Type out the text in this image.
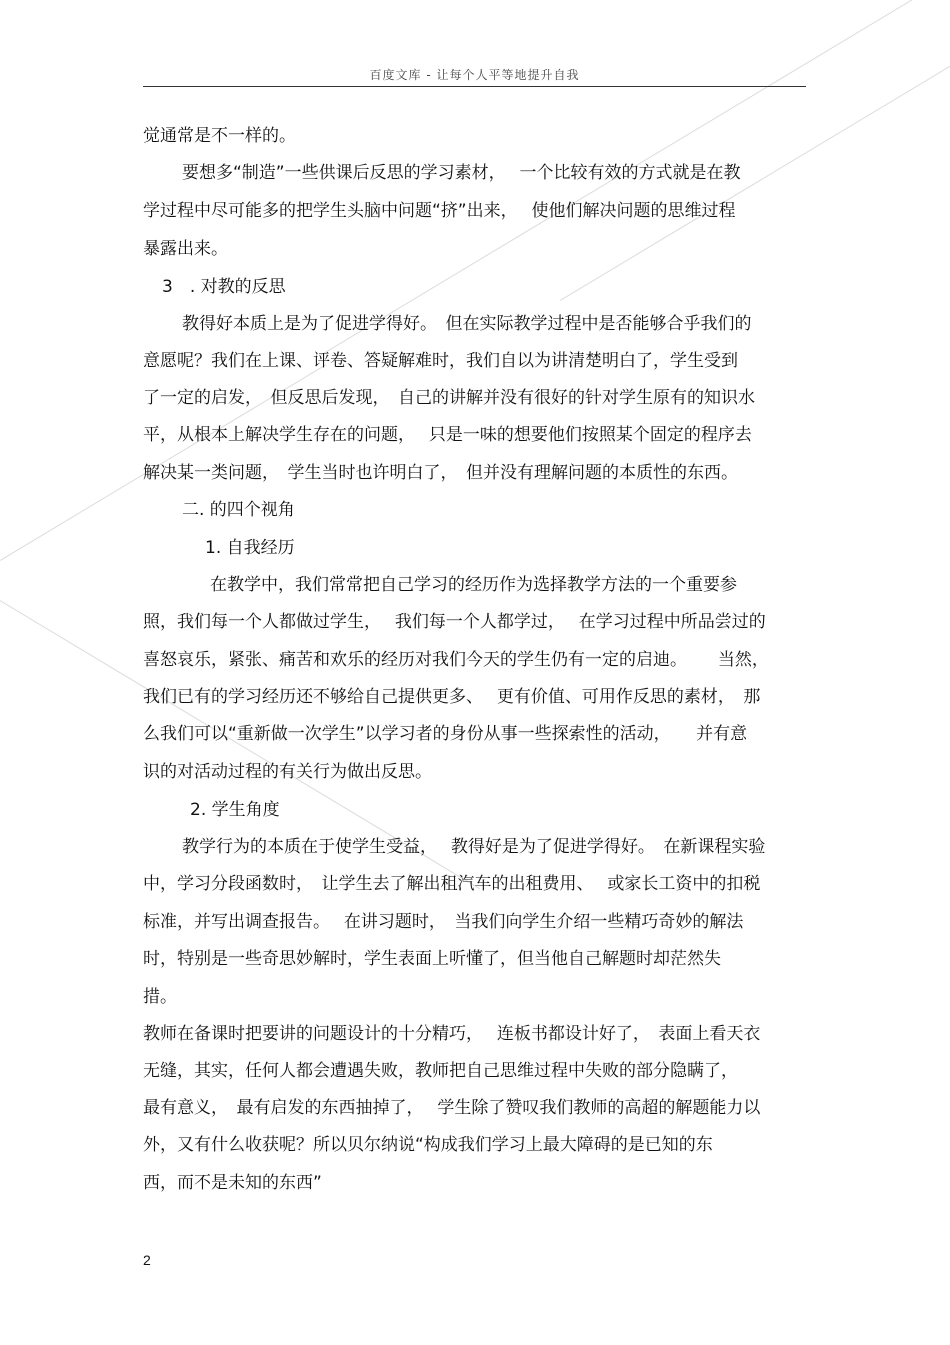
百度文库 - 让每个人平等地提升自我
觉通常是不一样的。
要想多“制造”一些供课后反思的学习素材，　 一个比较有效的方式就是在教
学过程中尽可能多的把学生头脑中问题“挤”出来，　 使他们解决问题的思维过程
暴露出来。
3　. 对教的反思
教得好本质上是为了促进学得好。　但在实际教学过程中是否能够合乎我们的
意愿呢？我们在上课、评卷、答疑解难时，我们自以为讲清楚明白了，学生受到
了一定的启发，　但反思后发现，　自己的讲解并没有很好的针对学生原有的知识水
平，从根本上解决学生存在的问题，　 只是一味的想要他们按照某个固定的程序去
解决某一类问题，　学生当时也许明白了，　但并没有理解问题的本质性的东西。
二. 的四个视角
1. 自我经历
在教学中，我们常常把自己学习的经历作为选择教学方法的一个重要参
照，我们每一个人都做过学生，　 我们每一个人都学过，　 在学习过程中所品尝过的
喜怒哀乐，紧张、痛苦和欢乐的经历对我们今天的学生仍有一定的启迪。　　 当然，
我们已有的学习经历还不够给自己提供更多、　 更有价值、可用作反思的素材，　那
么我们可以“重新做一次学生”以学习者的身份从事一些探索性的活动，　　并有意
识的对活动过程的有关行为做出反思。
2. 学生角度
教学行为的本质在于使学生受益，　 教得好是为了促进学得好。　在新课程实验
中，学习分段函数时，　让学生去了解出租汽车的出租费用、　 或家长工资中的扣税
标准，并写出调查报告。　 在讲习题时，　当我们向学生介绍一些精巧奇妙的解法
时，特别是一些奇思妙解时，学生表面上听懂了，但当他自己解题时却茫然失
措。
教师在备课时把要讲的问题设计的十分精巧，　 连板书都设计好了，　表面上看天衣
无缝，其实，任何人都会遭遇失败，教师把自己思维过程中失败的部分隐瞒了，
最有意义，　最有启发的东西抽掉了，　 学生除了赞叹我们教师的高超的解题能力以
外，又有什么收获呢？所以贝尔纳说“构成我们学习上最大障碍的是已知的东
西，而不是未知的东西”
2
